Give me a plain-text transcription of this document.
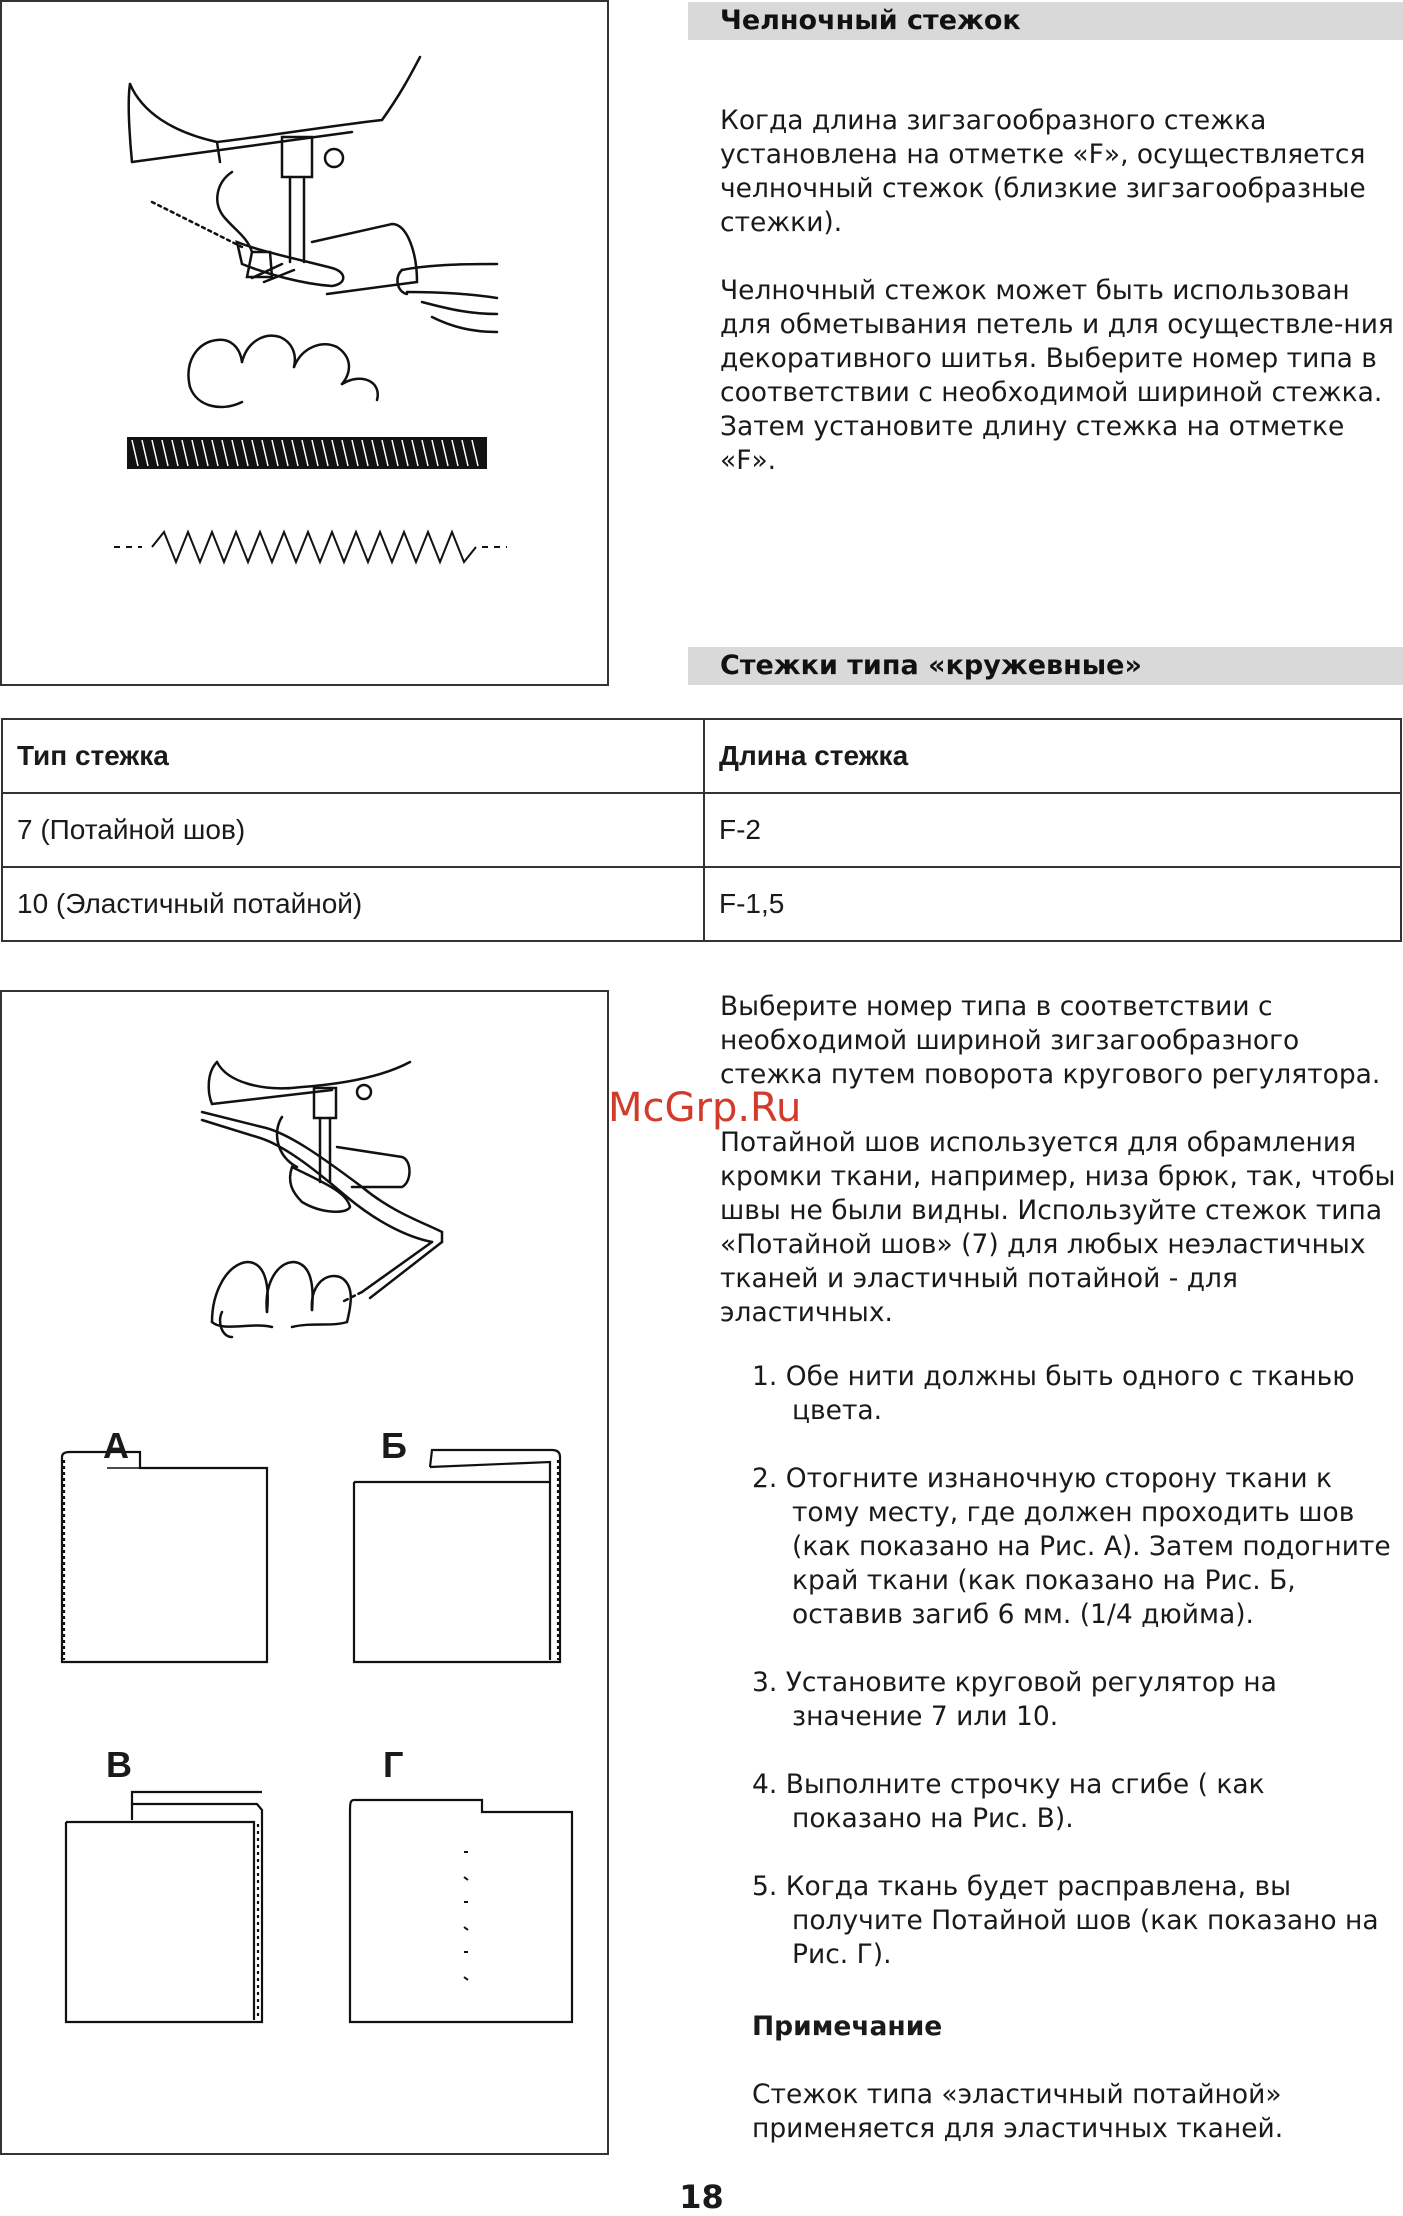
Челночный стежок

Когда длина зигзагообразного стежка установлена на отметке «F», осуществляется челночный стежок (близкие зигзагообразные стежки).

Челночный стежок может быть использован для обметывания петель и для осуществле-ния декоративного шитья. Выберите номер типа в соответствии с необходимой шириной стежка. Затем установите длину стежка на отметке «F».

Стежки типа «кружевные»
Тип стежка	Длина стежка
7 (Потайной шов)	F-2
10 (Эластичный потайной)	F-1,5
А	Б
В	Г

Выберите номер типа в соответствии с необходимой шириной зигзагообразного стежка путем поворота кругового регулятора.

Потайной шов используется для обрамления кромки ткани, например, низа брюк, так, чтобы швы не были видны. Используйте стежок типа «Потайной шов» (7) для любых неэластичных тканей и эластичный потайной - для эластичных.

McGrp.Ru
1. Обе нити должны быть одного с тканью цвета.
2. Отогните изнаночную сторону ткани к тому месту, где должен проходить шов (как показано на Рис. А). Затем подогните край ткани (как показано на Рис. Б, оставив загиб 6 мм. (1/4 дюйма).
3. Установите круговой регулятор на значение 7 или 10.
4. Выполните строчку на сгибе ( как показано на Рис. В).
5. Когда ткань будет расправлена, вы получите Потайной шов (как показано на Рис. Г).
Примечание
Стежок типа «эластичный потайной» применяется для эластичных тканей.
18
